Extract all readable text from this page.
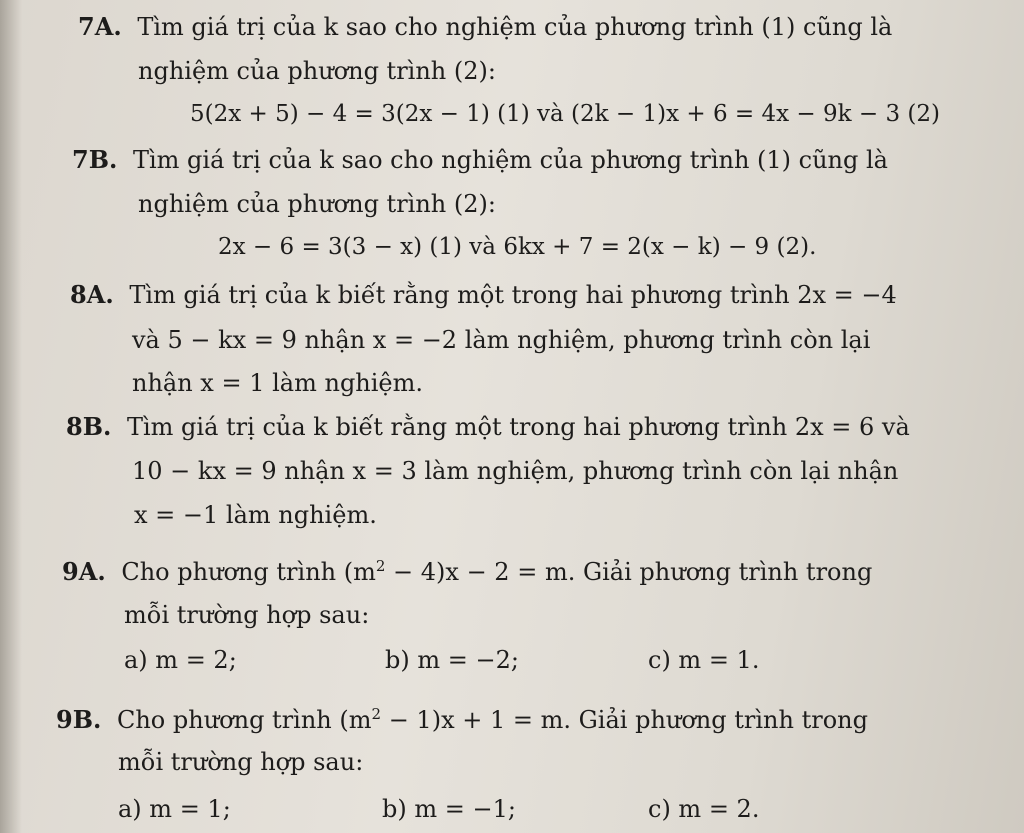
7A. Tìm giá trị của k sao cho nghiệm của phương trình (1) cũng là
nghiệm của phương trình (2):
5(2x + 5) − 4 = 3(2x − 1) (1) và (2k − 1)x + 6 = 4x − 9k − 3 (2)
7B. Tìm giá trị của k sao cho nghiệm của phương trình (1) cũng là
nghiệm của phương trình (2):
2x − 6 = 3(3 − x) (1) và 6kx + 7 = 2(x − k) − 9 (2).
8A. Tìm giá trị của k biết rằng một trong hai phương trình 2x = −4
và 5 − kx = 9 nhận x = −2 làm nghiệm, phương trình còn lại
nhận x = 1 làm nghiệm.
8B. Tìm giá trị của k biết rằng một trong hai phương trình 2x = 6 và
10 − kx = 9 nhận x = 3 làm nghiệm, phương trình còn lại nhận
x = −1 làm nghiệm.
9A. Cho phương trình $(m^2 - 4)x - 2 = m$. Giải phương trình trong
mỗi trường hợp sau:
a) m = 2;	b) m = −2;	c) m = 1.
9B. Cho phương trình $(m^2 - 1)x + 1 = m$. Giải phương trình trong
mỗi trường hợp sau:
a) m = 1;	b) m = −1;	c) m = 2.
